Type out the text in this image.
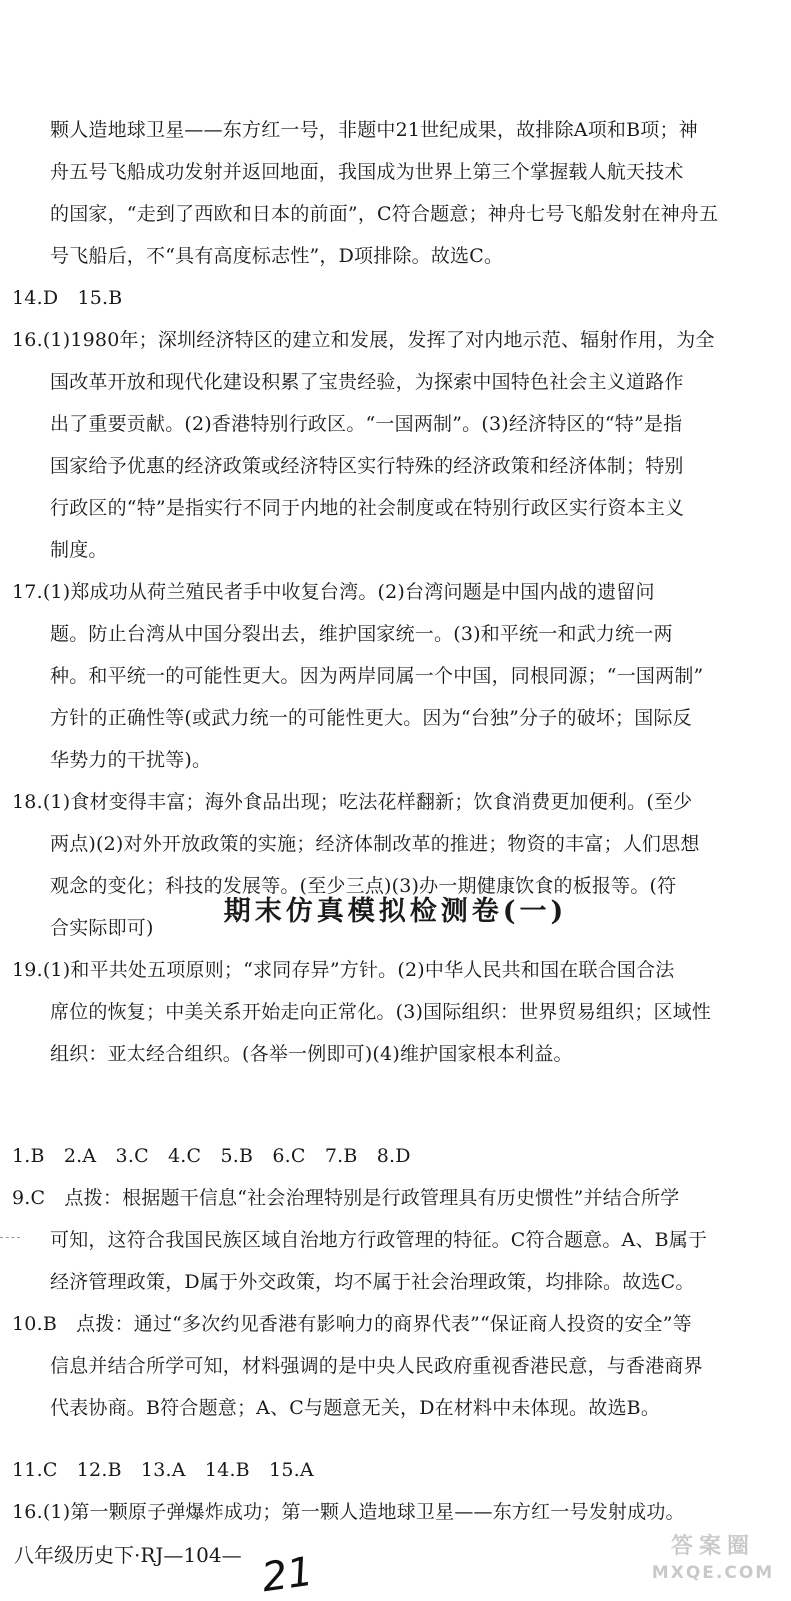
颗人造地球卫星——东方红一号，非题中21世纪成果，故排除A项和B项；神
舟五号飞船成功发射并返回地面，我国成为世界上第三个掌握载人航天技术
的国家，“走到了西欧和日本的前面”，C符合题意；神舟七号飞船发射在神舟五
号飞船后，不“具有高度标志性”，D项排除。故选C。
14.D　15.B
16.(1)1980年；深圳经济特区的建立和发展，发挥了对内地示范、辐射作用，为全
国改革开放和现代化建设积累了宝贵经验，为探索中国特色社会主义道路作
出了重要贡献。(2)香港特别行政区。“一国两制”。(3)经济特区的“特”是指
国家给予优惠的经济政策或经济特区实行特殊的经济政策和经济体制；特别
行政区的“特”是指实行不同于内地的社会制度或在特别行政区实行资本主义
制度。
17.(1)郑成功从荷兰殖民者手中收复台湾。(2)台湾问题是中国内战的遗留问
题。防止台湾从中国分裂出去，维护国家统一。(3)和平统一和武力统一两
种。和平统一的可能性更大。因为两岸同属一个中国，同根同源；“一国两制”
方针的正确性等(或武力统一的可能性更大。因为“台独”分子的破坏；国际反
华势力的干扰等)。
18.(1)食材变得丰富；海外食品出现；吃法花样翻新；饮食消费更加便利。(至少
两点)(2)对外开放政策的实施；经济体制改革的推进；物资的丰富；人们思想
观念的变化；科技的发展等。(至少三点)(3)办一期健康饮食的板报等。(符
合实际即可)
19.(1)和平共处五项原则；“求同存异”方针。(2)中华人民共和国在联合国合法
席位的恢复；中美关系开始走向正常化。(3)国际组织：世界贸易组织；区域性
组织：亚太经合组织。(各举一例即可)(4)维护国家根本利益。
期末仿真模拟检测卷(一)
1.B　2.A　3.C　4.C　5.B　6.C　7.B　8.D
9.C　点拨：根据题干信息“社会治理特别是行政管理具有历史惯性”并结合所学
可知，这符合我国民族区域自治地方行政管理的特征。C符合题意。A、B属于
经济管理政策，D属于外交政策，均不属于社会治理政策，均排除。故选C。
10.B　点拨：通过“多次约见香港有影响力的商界代表”“保证商人投资的安全”等
信息并结合所学可知，材料强调的是中央人民政府重视香港民意，与香港商界
代表协商。B符合题意；A、C与题意无关，D在材料中未体现。故选B。
11.C　12.B　13.A　14.B　15.A
16.(1)第一颗原子弹爆炸成功；第一颗人造地球卫星——东方红一号发射成功。
八年级历史下·RJ—104— 21
答案圈
MXQE.COM
